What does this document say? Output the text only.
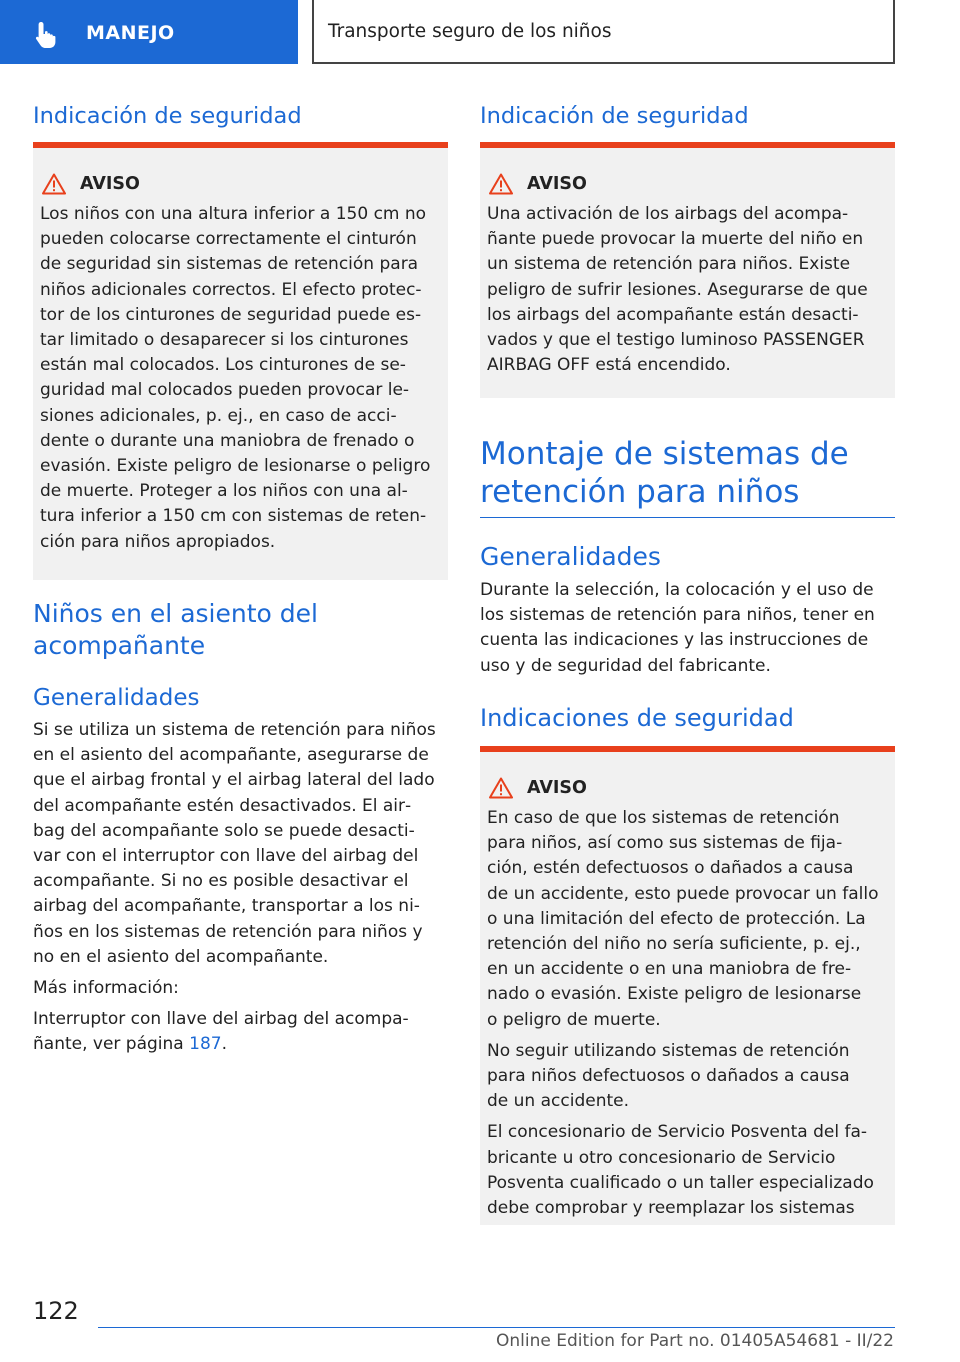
MANEJO	Transporte seguro de los niños
Indicación de seguridad
AVISO
Los niños con una altura inferior a 150 cm no
pueden colocarse correctamente el cinturón
de seguridad sin sistemas de retención para
niños adicionales correctos. El efecto protec‐
tor de los cinturones de seguridad puede es‐
tar limitado o desaparecer si los cinturones
están mal colocados. Los cinturones de se‐
guridad mal colocados pueden provocar le‐
siones adicionales, p. ej., en caso de acci‐
dente o durante una maniobra de frenado o
evasión. Existe peligro de lesionarse o peligro
de muerte. Proteger a los niños con una al‐
tura inferior a 150 cm con sistemas de reten‐
ción para niños apropiados.
Niños en el asiento del
acompañante
Generalidades
Si se utiliza un sistema de retención para niños
en el asiento del acompañante, asegurarse de
que el airbag frontal y el airbag lateral del lado
del acompañante estén desactivados. El air‐
bag del acompañante solo se puede desacti‐
var con el interruptor con llave del airbag del
acompañante. Si no es posible desactivar el
airbag del acompañante, transportar a los ni‐
ños en los sistemas de retención para niños y
no en el asiento del acompañante.
Más información:
Interruptor con llave del airbag del acompa‐
ñante, ver página 187.
Indicación de seguridad
AVISO
Una activación de los airbags del acompa‐
ñante puede provocar la muerte del niño en
un sistema de retención para niños. Existe
peligro de sufrir lesiones. Asegurarse de que
los airbags del acompañante están desacti‐
vados y que el testigo luminoso PASSENGER
AIRBAG OFF está encendido.
Montaje de sistemas de
retención para niños
Generalidades
Durante la selección, la colocación y el uso de
los sistemas de retención para niños, tener en
cuenta las indicaciones y las instrucciones de
uso y de seguridad del fabricante.
Indicaciones de seguridad
AVISO
En caso de que los sistemas de retención
para niños, así como sus sistemas de fija‐
ción, estén defectuosos o dañados a causa
de un accidente, esto puede provocar un fallo
o una limitación del efecto de protección. La
retención del niño no sería suficiente, p. ej.,
en un accidente o en una maniobra de fre‐
nado o evasión. Existe peligro de lesionarse
o peligro de muerte.
No seguir utilizando sistemas de retención
para niños defectuosos o dañados a causa
de un accidente.
El concesionario de Servicio Posventa del fa‐
bricante u otro concesionario de Servicio
Posventa cualificado o un taller especializado
debe comprobar y reemplazar los sistemas
122
Online Edition for Part no. 01405A54681 - II/22
